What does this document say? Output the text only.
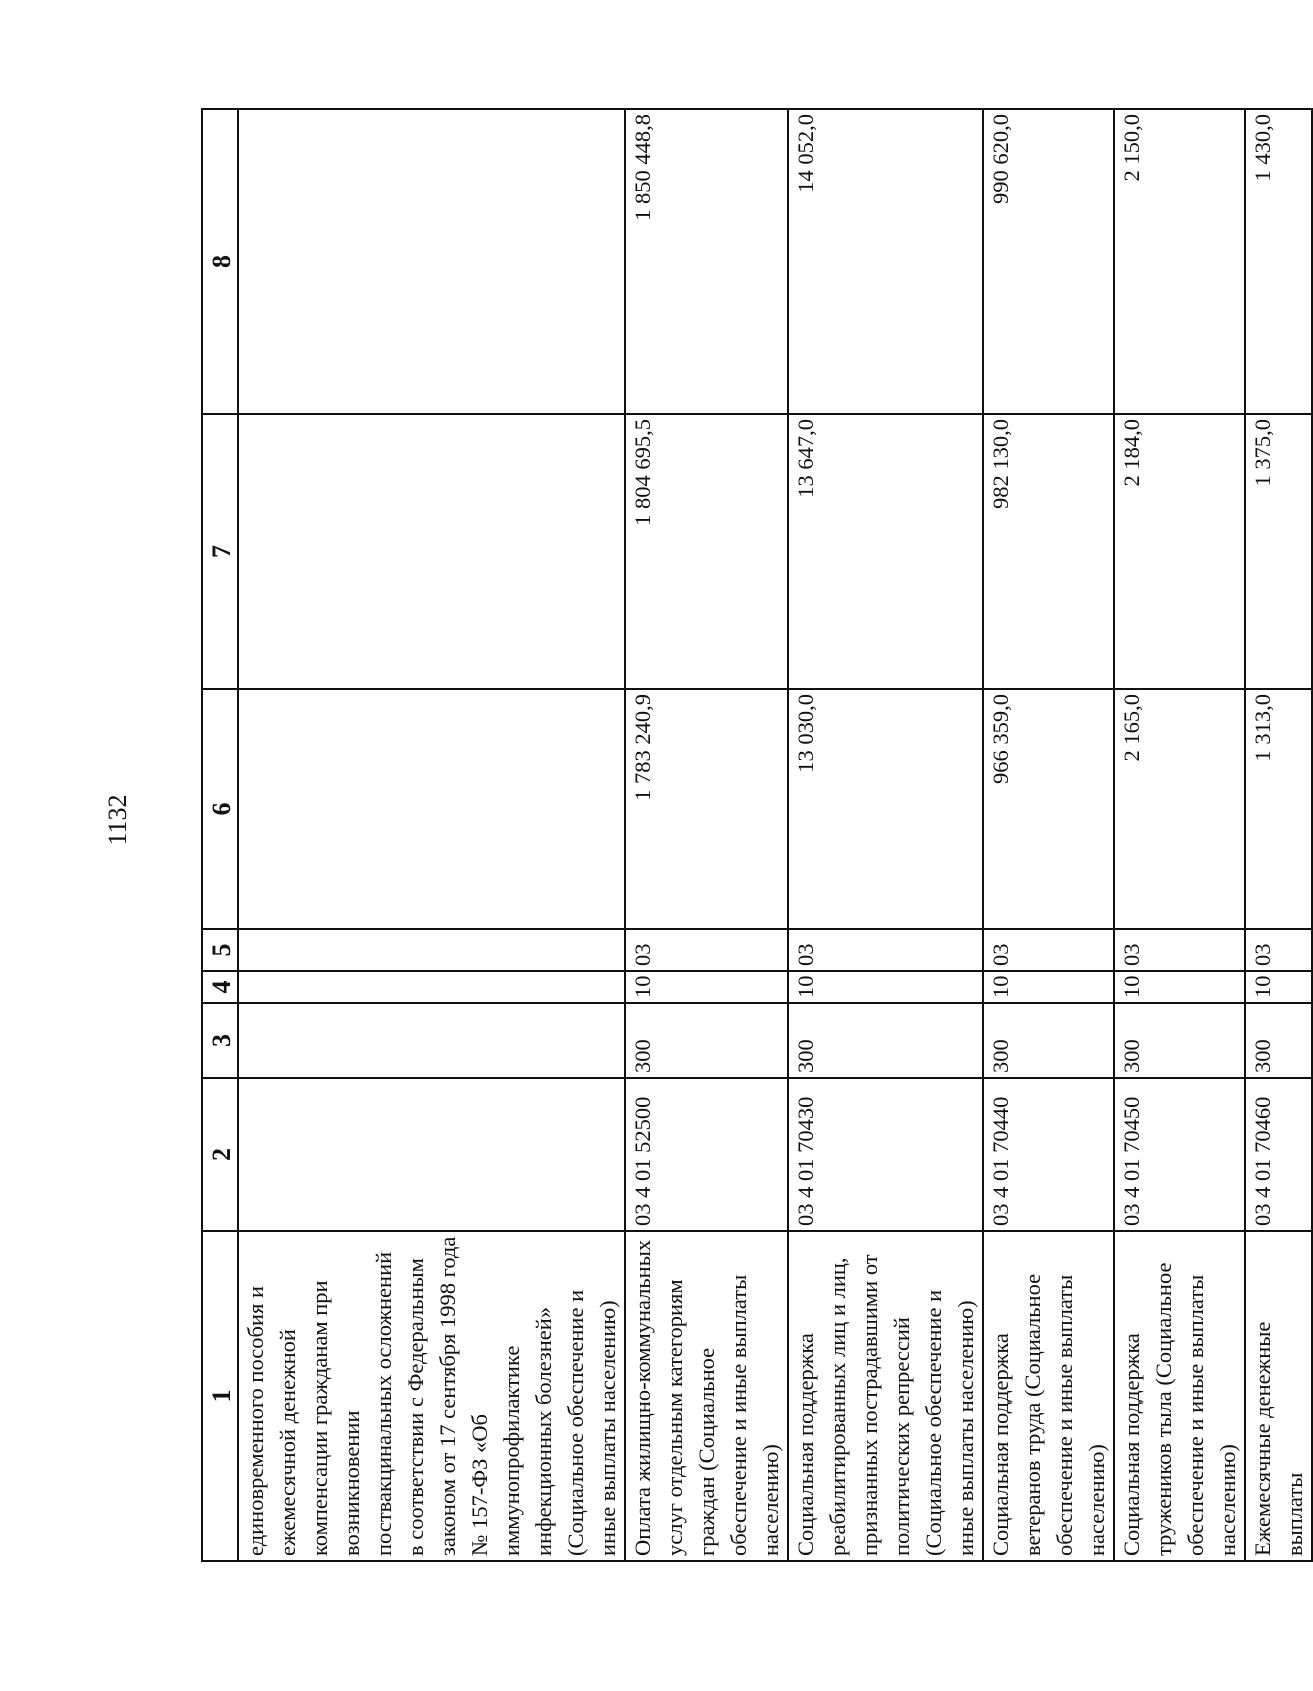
1132
1	2	3	4	5	6	7	8
единовременного пособия и ежемесячной денежной компенсации гражданам при возникновении поствакцинальных осложнений в соответствии с Федеральным законом от 17 сентября 1998 года № 157-ФЗ «Об иммунопрофилактике инфекционных болезней» (Социальное обеспечение и иные выплаты населению)							
Оплата жилищно-коммунальных услуг отдельным категориям граждан (Социальное обеспечение и иные выплаты населению)	03 4 01 52500	300	10	03	1 783 240,9	1 804 695,5	1 850 448,8
Социальная поддержка реабилитированных лиц и лиц, признанных пострадавшими от политических репрессий (Социальное обеспечение и иные выплаты населению)	03 4 01 70430	300	10	03	13 030,0	13 647,0	14 052,0
Социальная поддержка ветеранов труда (Социальное обеспечение и иные выплаты населению)	03 4 01 70440	300	10	03	966 359,0	982 130,0	990 620,0
Социальная поддержка тружеников тыла (Социальное обеспечение и иные выплаты населению)	03 4 01 70450	300	10	03	2 165,0	2 184,0	2 150,0
Ежемесячные денежные выплаты	03 4 01 70460	300	10	03	1 313,0	1 375,0	1 430,0
